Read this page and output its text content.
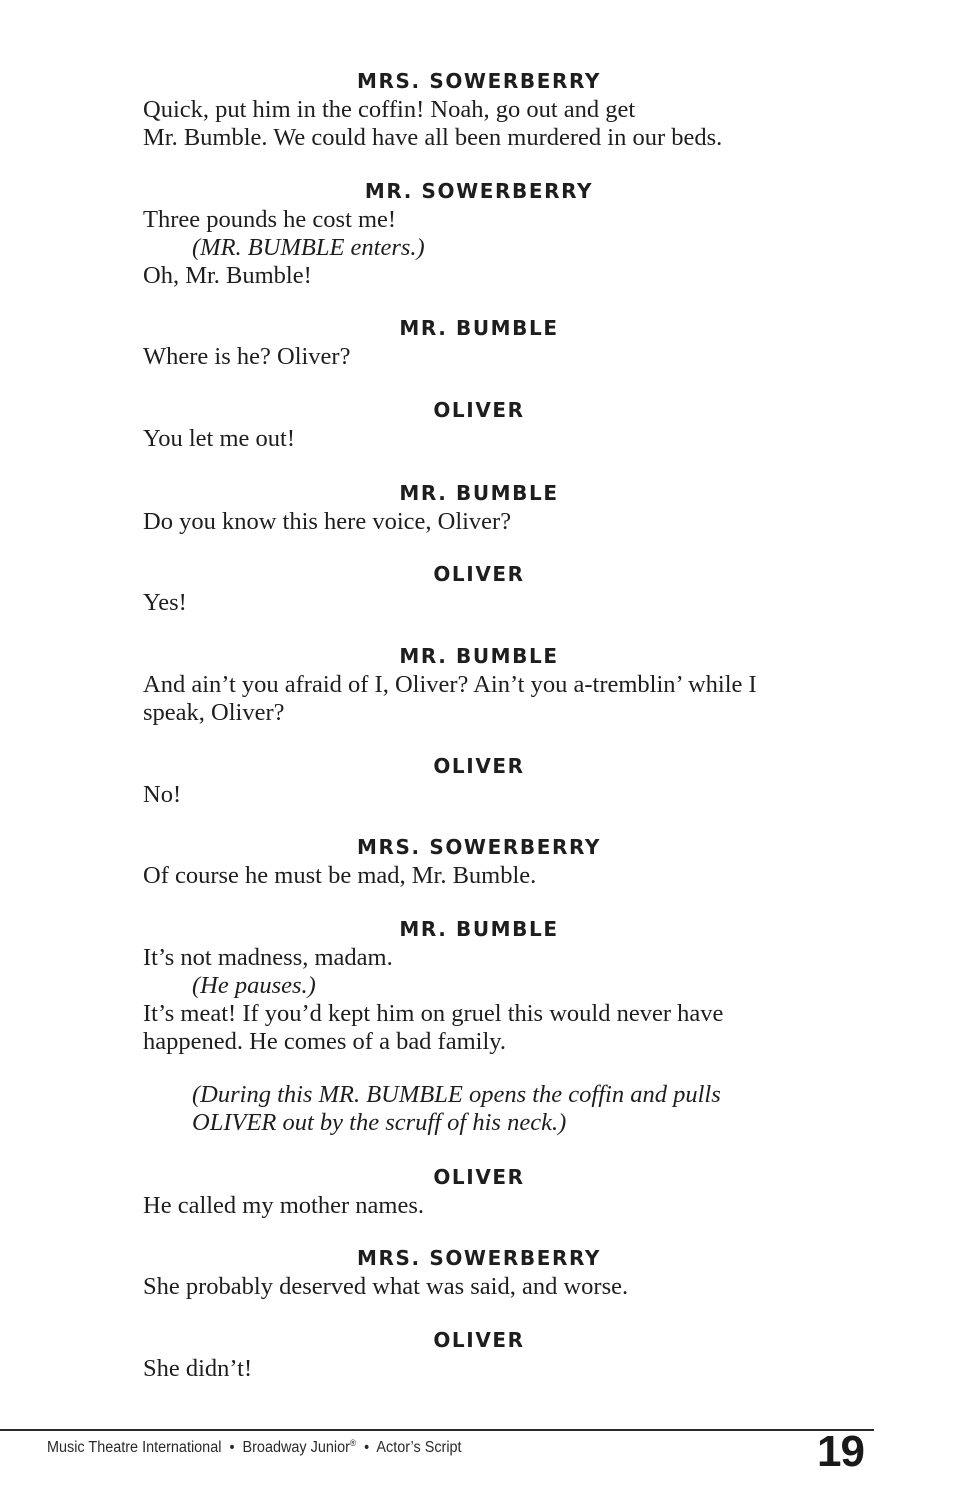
MRS. SOWERBERRY
Quick, put him in the coffin! Noah, go out and get
Mr. Bumble. We could have all been murdered in our beds.
MR. SOWERBERRY
Three pounds he cost me!
(MR. BUMBLE enters.)
Oh, Mr. Bumble!
MR. BUMBLE
Where is he? Oliver?
OLIVER
You let me out!
MR. BUMBLE
Do you know this here voice, Oliver?
OLIVER
Yes!
MR. BUMBLE
And ain’t you afraid of I, Oliver? Ain’t you a-tremblin’ while I
speak, Oliver?
OLIVER
No!
MRS. SOWERBERRY
Of course he must be mad, Mr. Bumble.
MR. BUMBLE
It’s not madness, madam.
(He pauses.)
It’s meat! If you’d kept him on gruel this would never have
happened. He comes of a bad family.
(During this MR. BUMBLE opens the coffin and pulls
OLIVER out by the scruff of his neck.)
OLIVER
He called my mother names.
MRS. SOWERBERRY
She probably deserved what was said, and worse.
OLIVER
She didn’t!
Music Theatre International • Broadway Junior® • Actor’s Script	19
